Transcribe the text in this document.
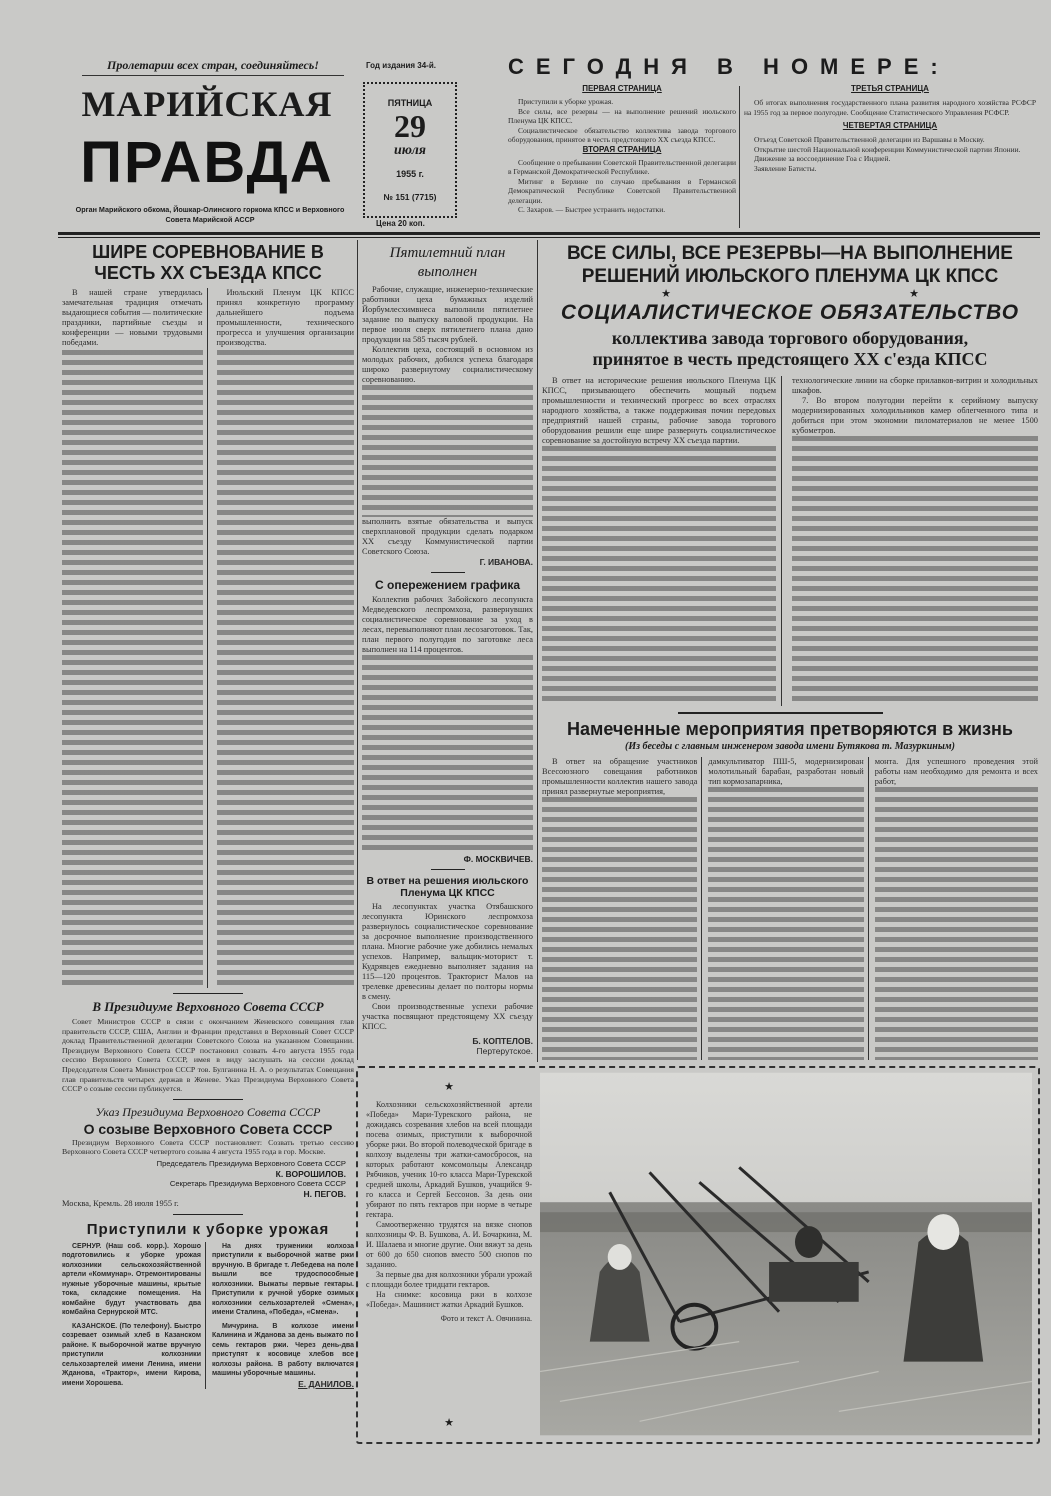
Пролетарии всех стран, соединяйтесь!
МАРИЙСКАЯ
ПРАВДА
Орган Марийского обкома, Йошкар-Олинского горкома КПСС и Верховного Совета Марийской АССР
Год издания 34-й.
ПЯТНИЦА
29
июля
1955 г.
№ 151 (7715)
Цена 20 коп.
СЕГОДНЯ В НОМЕРЕ:
ПЕРВАЯ СТРАНИЦА

Приступили к уборке урожая.

Все силы, все резервы — на выполнение решений июльского Пленума ЦК КПСС.

Социалистическое обязательство коллектива завода торгового оборудования, принятое в честь предстоящего XX съезда КПСС.

ВТОРАЯ СТРАНИЦА

Сообщение о пребывании Советской Правительственной делегации в Германской Демократической Республике.

Митинг в Берлине по случаю пребывания в Германской Демократической Республике Советской Правительственной делегации.

С. Захаров. — Быстрее устранить недостатки.

ТРЕТЬЯ СТРАНИЦА

Об итогах выполнения государственного плана развития народного хозяйства РСФСР на 1955 год за первое полугодие. Сообщение Статистического Управления РСФСР.

ЧЕТВЕРТАЯ СТРАНИЦА

Отъезд Советской Правительственной делегации из Варшавы в Москву.

Открытие шестой Национальной конференции Коммунистической партии Японии.

Движение за воссоединение Гоа с Индией.

Заявление Батисты.

ШИРЕ СОРЕВНОВАНИЕ В ЧЕСТЬ XX СЪЕЗДА КПСС

В нашей стране утвердилась замечательная традиция отмечать выдающиеся события — политические праздники, партийные съезды и конференции — новыми трудовыми победами.

Июльский Пленум ЦК КПСС принял конкретную программу дальнейшего подъема промышленности, технического прогресса и улучшения организации производства.

В Президиуме Верховного Совета СССР
Совет Министров СССР в связи с окончанием Женевского совещания глав правительств СССР, США, Англии и Франции представил в Верховный Совет СССР доклад Правительственной делегации Советского Союза на указанном Совещании. Президиум Верховного Совета СССР постановил созвать 4-го августа 1955 года сессию Верховного Совета СССР, имея в виду заслушать на сессии доклад Председателя Совета Министров СССР тов. Булганина Н. А. о результатах Совещания глав правительств четырех держав в Женеве. Указ Президиума Верховного Совета СССР о созыве сессии публикуется.
Указ Президиума Верховного Совета СССР
О созыве Верховного Совета СССР
Президиум Верховного Совета СССР постановляет: Созвать третью сессию Верховного Совета СССР четвертого созыва 4 августа 1955 года в гор. Москве.
Председатель Президиума Верховного Совета СССР
К. ВОРОШИЛОВ.
Секретарь Президиума Верховного Совета СССР
Н. ПЕГОВ.
Москва, Кремль. 28 июля 1955 г.
Приступили к уборке урожая

СЕРНУР. (Наш соб. корр.). Хорошо подготовились к уборке урожая колхозники сельскохозяйственной артели «Коммунар». Отремонтированы нужные уборочные машины, крытые тока, складские помещения. На комбайне будут участвовать два комбайна Сернурской МТС.

КАЗАНСКОЕ. (По телефону). Быстро созревает озимый хлеб в Казанском районе. К выборочной жатве вручную приступили колхозники сельхозартелей имени Ленина, имени Жданова, «Трактор», имени Кирова, имени Хорошева.

На днях труженики колхоза приступили к выборочной жатве ржи вручную. В бригаде т. Лебедева на поле вышли все трудоспособные колхозники. Выжаты первые гектары. Приступили к ручной уборке озимых колхозники сельхозартелей «Смена», имени Сталина, «Победа», «Смена».

Мичурина. В колхозе имени Калинина и Жданова за день выжато по семь гектаров ржи. Через день-два приступят к косовице хлебов все колхозы района. В работу включатся машины уборочные машины.

Е. ДАНИЛОВ.
Пятилетний план выполнен

Рабочие, служащие, инженерно-технические работники цеха бумажных изделий Йорбумлесхимвнеса выполнили пятилетнее задание по выпуску валовой продукции. На первое июля сверх пятилетнего плана дано продукции на 585 тысяч рублей.

Коллектив цеха, состоящий в основном из молодых рабочих, добился успеха благодаря широко развернутому социалистическому соревнованию.

выполнить взятые обязательства и выпуск сверхплановой продукции сделать подарком XX съезду Коммунистической партии Советского Союза.

Г. ИВАНОВА.
С опережением графика

Коллектив рабочих Забойского лесопункта Медведевского леспромхоза, развернувших социалистическое соревнование за уход в лесах, перевыполняют план лесозаготовок. Так, план первого полугодия по заготовке леса выполнен на 114 процентов.

Ф. МОСКВИЧЕВ.
В ответ на решения июльского Пленума ЦК КПСС

На лесопунктах участка Отябашского лесопункта Юринского леспромхоза развернулось социалистическое соревнование за досрочное выполнение производственного плана. Многие рабочие уже добились немалых успехов. Например, вальщик-моторист т. Кудрявцев ежедневно выполняет задания на 115—120 процентов. Тракторист Малов на трелевке древесины делает по полторы нормы в смену.

Свои производственные успехи рабочие участка посвящают предстоящему XX съезду КПСС.

Б. КОПТЕЛОВ.
Пертерутское.
ВСЕ СИЛЫ, ВСЕ РЕЗЕРВЫ—НА ВЫПОЛНЕНИЕ
РЕШЕНИЙ ИЮЛЬСКОГО ПЛЕНУМА ЦК КПСС
★	★
СОЦИАЛИСТИЧЕСКОЕ ОБЯЗАТЕЛЬСТВО
коллектива завода торгового оборудования,
принятое в честь предстоящего XX с'езда КПСС

В ответ на исторические решения июльского Пленума ЦК КПСС, призывающего обеспечить мощный подъем промышленности и технический прогресс во всех отраслях народного хозяйства, а также поддерживая почин передовых предприятий нашей страны, рабочие завода торгового оборудования решили еще шире развернуть социалистическое соревнование за достойную встречу XX съезда партии.

технологические линии на сборке прилавков-витрин и холодильных шкафов.

7. Во втором полугодии перейти к серийному выпуску модернизированных холодильников камер облегченного типа и добиться при этом экономии пиломатериалов не менее 1500 кубометров.

Намеченные мероприятия претворяются в жизнь
(Из беседы с главным инженером завода имени Бутякова т. Мазуркиным)

В ответ на обращение участников Всесоюзного совещания работников промышленности коллектив нашего завода принял развернутые мероприятия,

дамкультиватор ПШ-5, модернизирован молотильный барабан, разработан новый тип кормозапарника,

монта. Для успешного проведения этой работы нам необходимо для ремонта и всех работ,

★

Колхозники сельскохозяйственной артели «Победа» Мари-Турекского района, не дожидаясь созревания хлебов на всей площади посева озимых, приступили к выборочной уборке ржи. Во второй полеводческой бригаде в колхозу выделены три жатки-самосбросок, на которых работают комсомольцы Александр Рябчиков, ученик 10-го класса Мари-Турекской средней школы, Аркадий Бушков, учащийся 9-го класса и Сергей Бессонов. За день они убирают по пять гектаров при норме в четыре гектара.

Самоотверженно трудятся на вязке снопов колхозницы Ф. В. Бушкова, А. И. Бочаркина, М. И. Шалаева и многие другие. Они вяжут за день от 600 до 650 снопов вместо 500 снопов по заданию.

За первые два дня колхозники убрали урожай с площади более тридцати гектаров.

На снимке: косовица ржи в колхозе «Победа». Машинист жатки Аркадий Бушков.

Фото и текст А. Овчинина.
★
